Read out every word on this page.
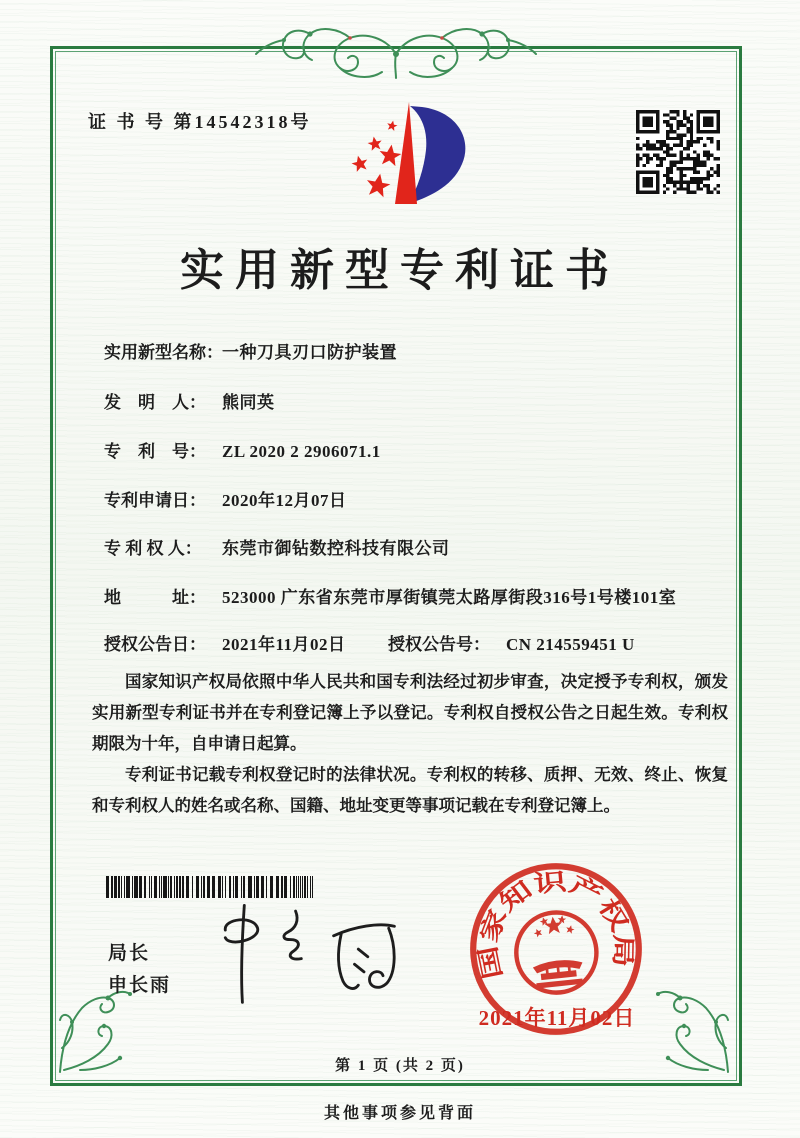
证 书 号 第14542318号
实用新型专利证书
实用新型名称：一种刀具刃口防护装置
发　明　人： 熊同英
专　利　号： ZL 2020 2 2906071.1
专利申请日： 2020年12月07日
专 利 权 人： 东莞市御钻数控科技有限公司
地　　　址： 523000 广东省东莞市厚街镇莞太路厚街段316号1号楼101室
授权公告日： 2021年11月02日 授权公告号： CN 214559451 U

国家知识产权局依照中华人民共和国专利法经过初步审查，决定授予专利权，颁发实用新型专利证书并在专利登记簿上予以登记。专利权自授权公告之日起生效。专利权期限为十年，自申请日起算。

专利证书记载专利权登记时的法律状况。专利权的转移、质押、无效、终止、恢复和专利权人的姓名或名称、国籍、地址变更等事项记载在专利登记簿上。

局长
申长雨
国家知识产权局
2021年11月02日
第 1 页 (共 2 页)
其他事项参见背面
